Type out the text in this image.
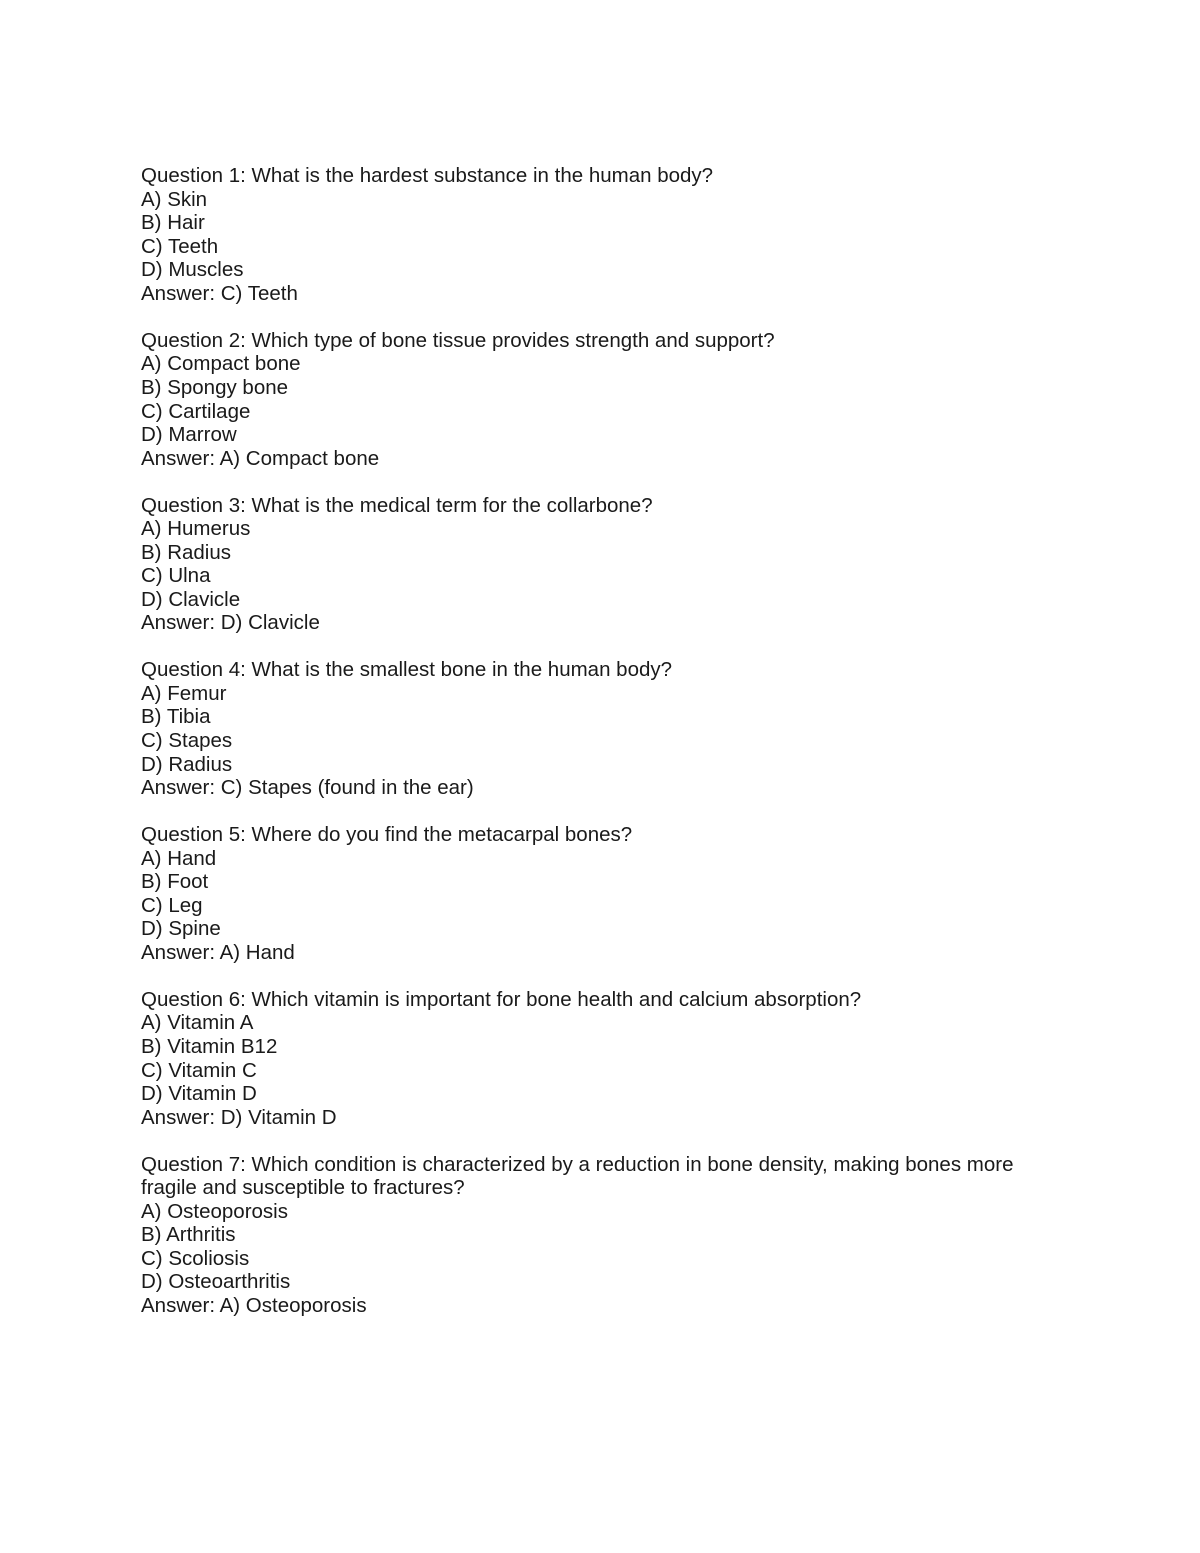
Question 1: What is the hardest substance in the human body?
A) Skin
B) Hair
C) Teeth
D) Muscles
Answer: C) Teeth
Question 2: Which type of bone tissue provides strength and support?
A) Compact bone
B) Spongy bone
C) Cartilage
D) Marrow
Answer: A) Compact bone
Question 3: What is the medical term for the collarbone?
A) Humerus
B) Radius
C) Ulna
D) Clavicle
Answer: D) Clavicle
Question 4: What is the smallest bone in the human body?
A) Femur
B) Tibia
C) Stapes
D) Radius
Answer: C) Stapes (found in the ear)
Question 5: Where do you find the metacarpal bones?
A) Hand
B) Foot
C) Leg
D) Spine
Answer: A) Hand
Question 6: Which vitamin is important for bone health and calcium absorption?
A) Vitamin A
B) Vitamin B12
C) Vitamin C
D) Vitamin D
Answer: D) Vitamin D
Question 7: Which condition is characterized by a reduction in bone density, making bones more fragile and susceptible to fractures?
A) Osteoporosis
B) Arthritis
C) Scoliosis
D) Osteoarthritis
Answer: A) Osteoporosis
